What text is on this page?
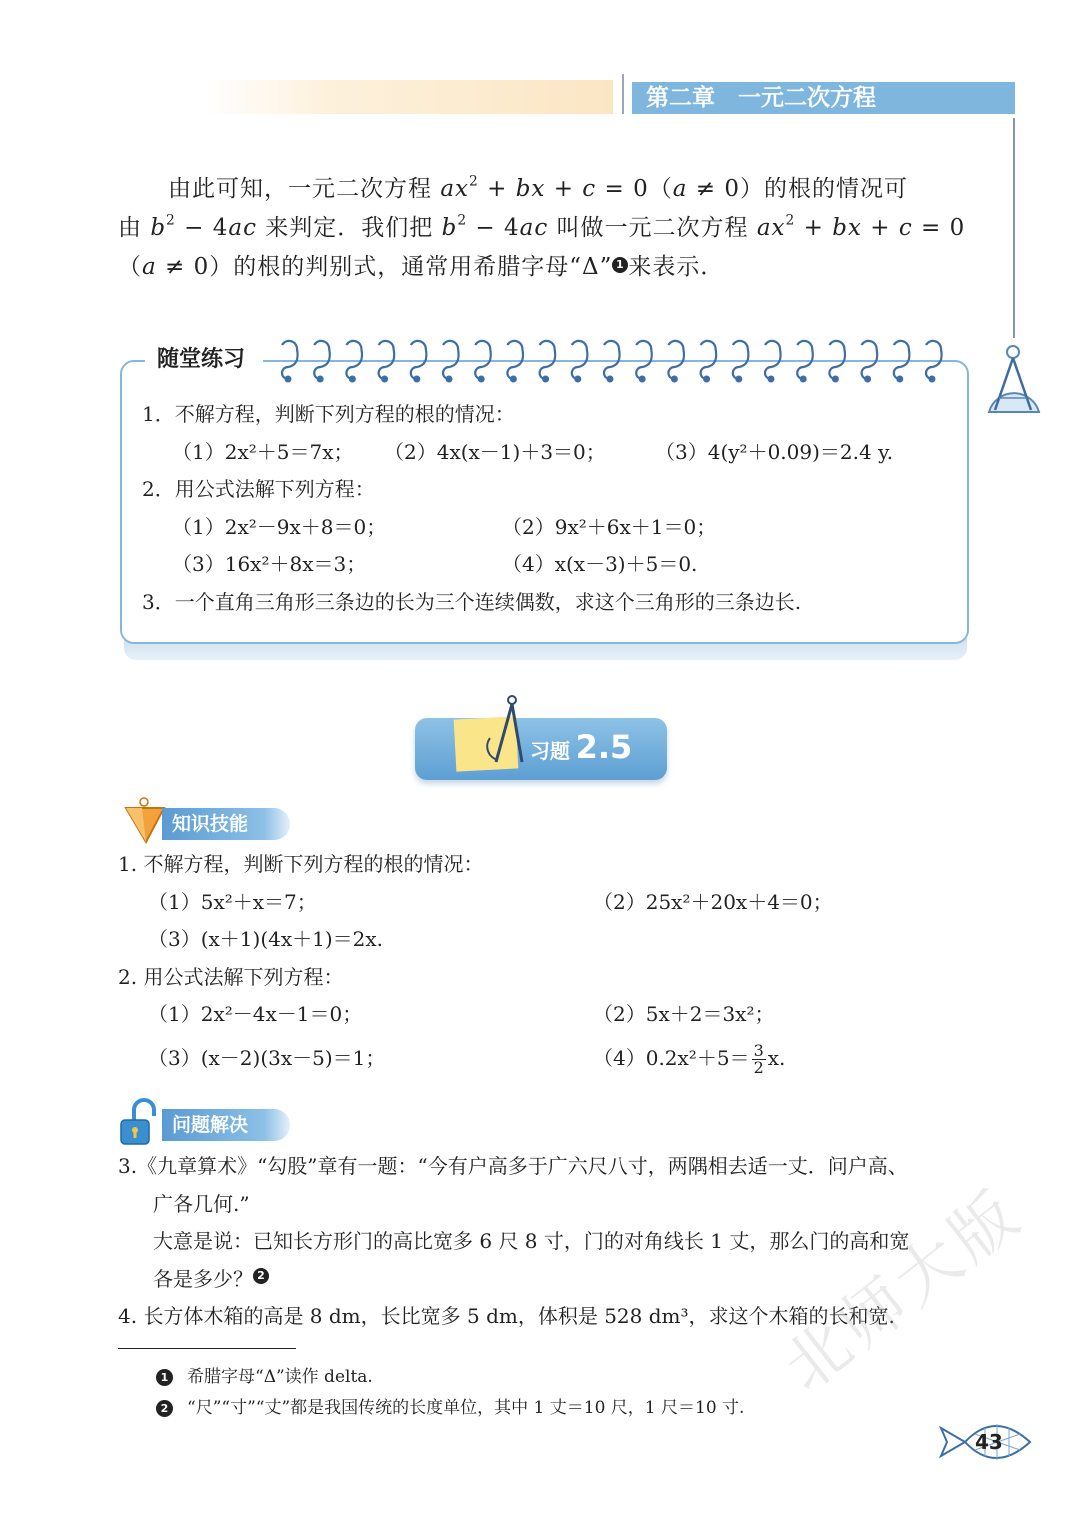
第二章　一元二次方程
由此可知，一元二次方程 $ax^2$ + bx + c = 0（a ≠ 0）的根的情况可
由 $b^2 - 4ac$ 来判定．我们把 $b^2 - 4ac$ 叫做一元二次方程 $ax^2$ + bx + c = 0
（a ≠ 0）的根的判别式，通常用希腊字母“Δ” 1 来表示．
随堂练习
1．不解方程，判断下列方程的根的情况：
（1）2x²＋5＝7x； （2）4x(x－1)＋3＝0； （3）4(y²＋0.09)＝2.4 y.
2．用公式法解下列方程：
（1）2x²－9x＋8＝0；	（2）9x²＋6x＋1＝0；
（3）16x²＋8x＝3；	（4）x(x－3)＋5＝0.
3．一个直角三角形三条边的长为三个连续偶数，求这个三角形的三条边长.
习题 2.5
知识技能
1. 不解方程，判断下列方程的根的情况：
（1）5x²＋x＝7；	（2）25x²＋20x＋4＝0；
（3）(x＋1)(4x＋1)＝2x.
2. 用公式法解下列方程：
（1）2x²－4x－1＝0；	（2）5x＋2＝3x²；
（3）(x－2)(3x－5)＝1；	$(4)0.2x^2+5= \frac{3}{2} x$.
问题解决
3.《九章算术》“勾股”章有一题：“今有户高多于广六尺八寸，两隅相去适一丈．问户高、
广各几何.”
大意是说：已知长方形门的高比宽多 6 尺 8 寸，门的对角线长 1 丈，那么门的高和宽
各是多少？ 2
4. 长方体木箱的高是 8 dm，长比宽多 5 dm，体积是 528 dm³，求这个木箱的长和宽.
1 希腊字母“Δ”读作 delta.
2 “尺”“寸”“丈”都是我国传统的长度单位，其中 1 丈＝10 尺，1 尺＝10 寸.
北师大版
43
